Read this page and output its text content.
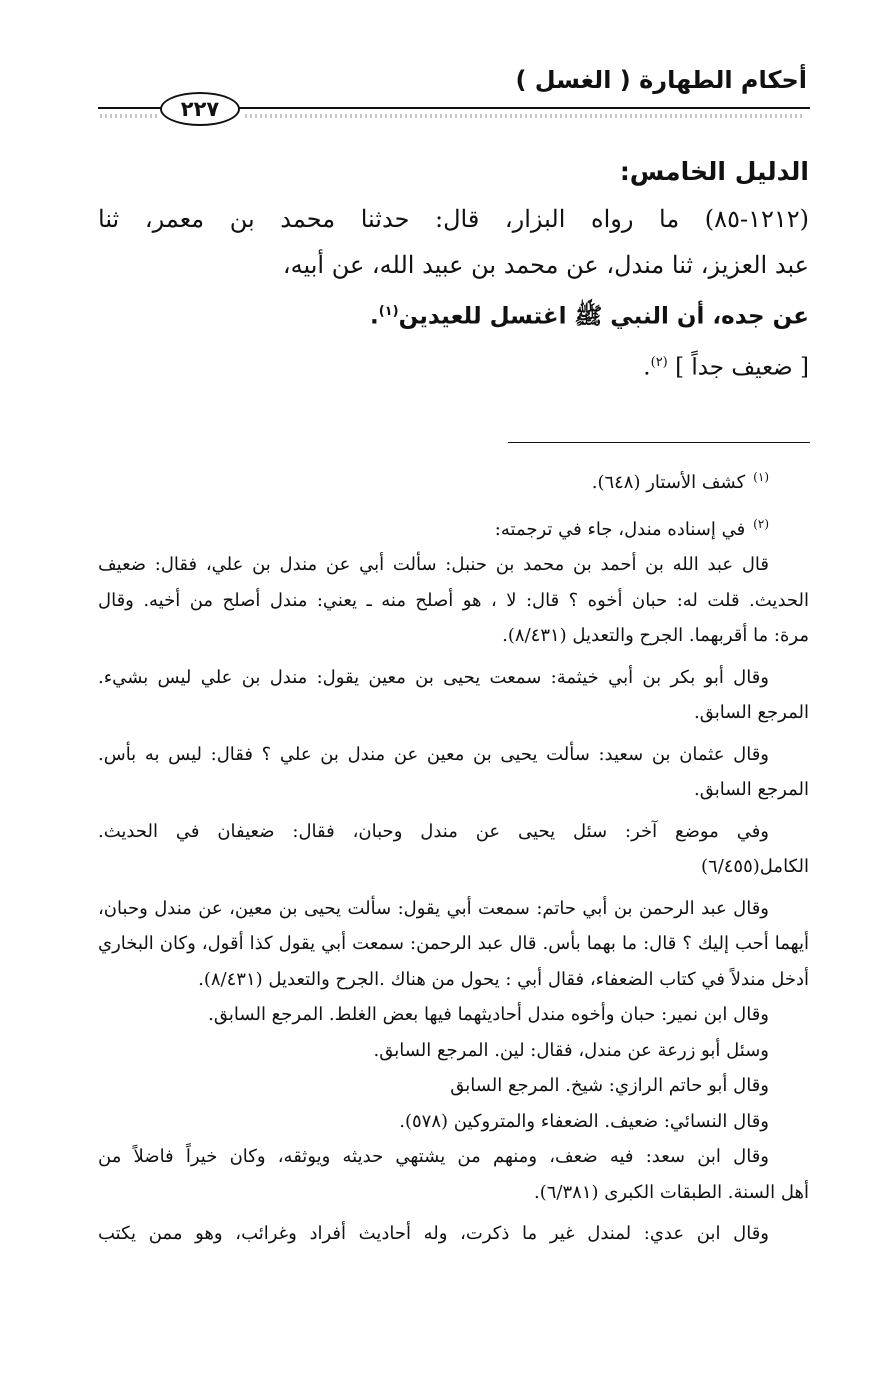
أحكام الطهارة ( الغسل )
٢٢٧

الدليل الخامس:

(١٢١٢-٨٥) ما رواه البزار، قال: حدثنا محمد بن معمر، ثنا

عبد العزيز، ثنا مندل، عن محمد بن عبيد الله، عن أبيه،

عن جده، أن النبي ﷺ اغتسل للعيدين$^{(١)}$.

[ ضعيف جداً ] $^{(٢)}$.

$^{(١)}$كشف الأستار (٦٤٨).

$^{(٢)}$في إسناده مندل، جاء في ترجمته:

قال عبد الله بن أحمد بن محمد بن حنبل: سألت أبي عن مندل بن علي، فقال: ضعيف

الحديث. قلت له: حبان أخوه ؟ قال: لا ، هو أصلح منه ـ يعني: مندل أصلح من أخيه. وقال

مرة: ما أقربهما. الجرح والتعديل (٨/٤٣١).

وقال أبو بكر بن أبي خيثمة: سمعت يحيى بن معين يقول: مندل بن علي ليس بشيء.

المرجع السابق.

وقال عثمان بن سعيد: سألت يحيى بن معين عن مندل بن علي ؟ فقال: ليس به بأس.

المرجع السابق.

وفي موضع آخر: سئل يحيى عن مندل وحبان، فقال: ضعيفان في الحديث.

الكامل(٦/٤٥٥)

وقال عبد الرحمن بن أبي حاتم: سمعت أبي يقول: سألت يحيى بن معين، عن مندل وحبان،

أيهما أحب إليك ؟ قال: ما بهما بأس. قال عبد الرحمن: سمعت أبي يقول كذا أقول، وكان البخاري

أدخل مندلاً في كتاب الضعفاء، فقال أبي : يحول من هناك .الجرح والتعديل (٨/٤٣١).

وقال ابن نمير: حبان وأخوه مندل أحاديثهما فيها بعض الغلط. المرجع السابق.

وسئل أبو زرعة عن مندل، فقال: لين. المرجع السابق.

وقال أبو حاتم الرازي: شيخ. المرجع السابق

وقال النسائي: ضعيف. الضعفاء والمتروكين (٥٧٨).

وقال ابن سعد: فيه ضعف، ومنهم من يشتهي حديثه ويوثقه، وكان خيراً فاضلاً من

أهل السنة. الطبقات الكبرى (٦/٣٨١).

وقال ابن عدي: لمندل غير ما ذكرت، وله أحاديث أفراد وغرائب، وهو ممن يكتب
